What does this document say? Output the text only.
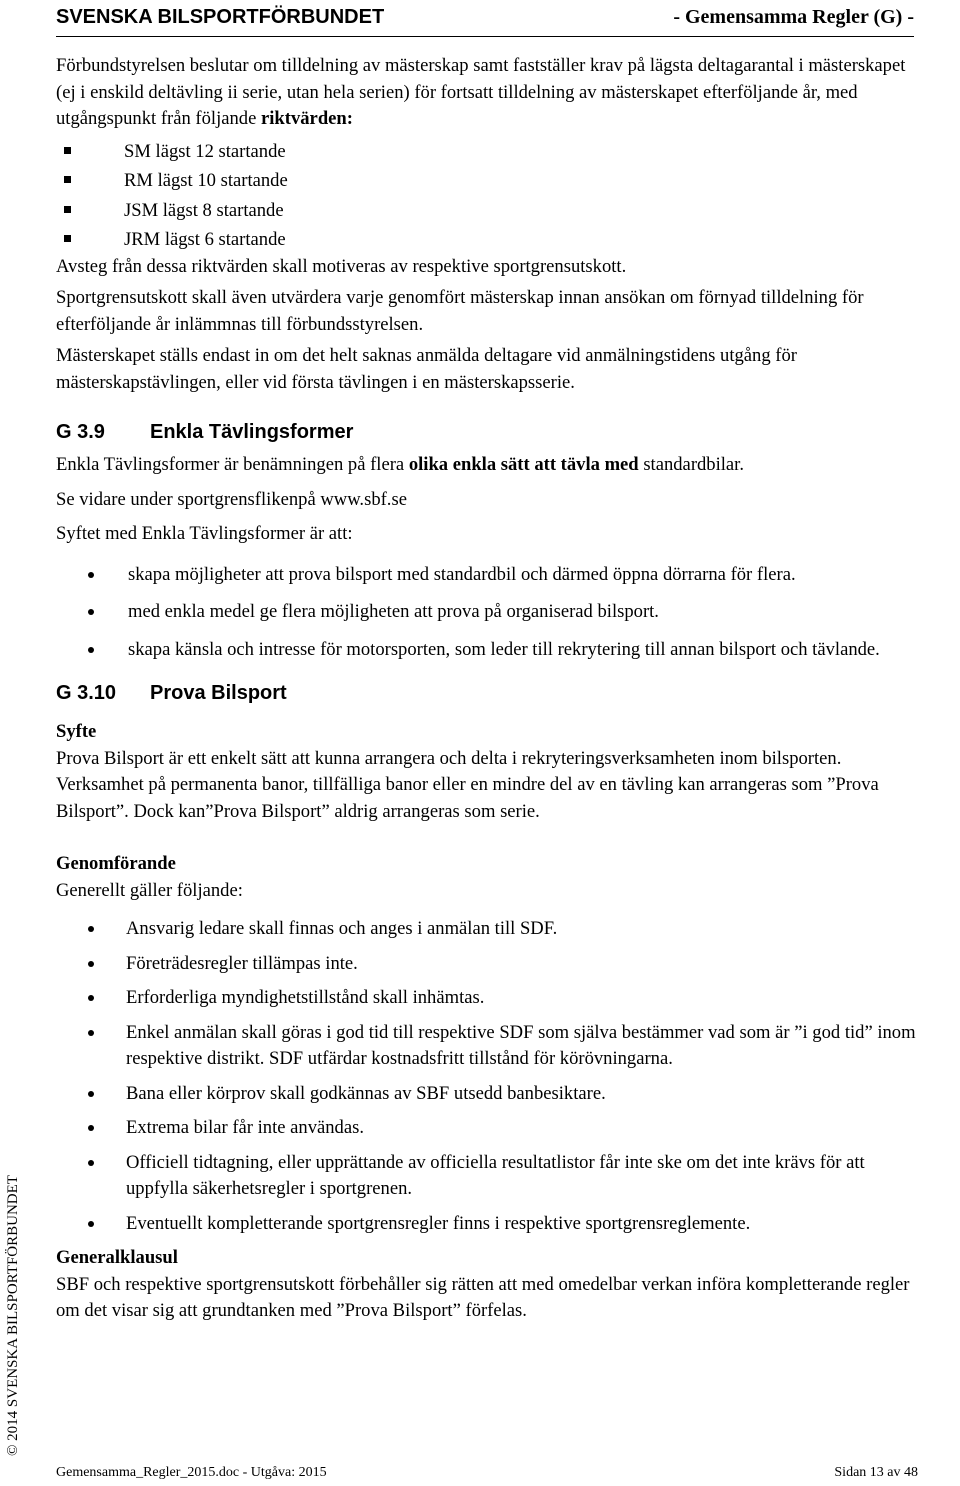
SVENSKA BILSPORTFÖRBUNDET	- Gemensamma Regler (G) -

Förbundstyrelsen beslutar om tilldelning av mästerskap samt fastställer krav på lägsta deltagarantal i mästerskapet (ej i enskild deltävling ii serie, utan hela serien) för fortsatt tilldelning av mästerskapet efterföljande år, med utgångspunkt från följande riktvärden:

SM lägst 12 startande
RM lägst 10 startande
JSM lägst 8 startande
JRM lägst 6 startande

Avsteg från dessa riktvärden skall motiveras av respektive sportgrensutskott.

Sportgrensutskott skall även utvärdera varje genomfört mästerskap innan ansökan om förnyad tilldelning för efterföljande år inlämmnas till förbundsstyrelsen.

Mästerskapet ställs endast in om det helt saknas anmälda deltagare vid anmälningstidens utgång för mästerskapstävlingen, eller vid första tävlingen i en mästerskapsserie.

G 3.9 Enkla Tävlingsformer

Enkla Tävlingsformer är benämningen på flera olika enkla sätt att tävla med standardbilar.

Se vidare under sportgrensflikenpå www.sbf.se

Syftet med Enkla Tävlingsformer är att:

skapa möjligheter att prova bilsport med standardbil och därmed öppna dörrarna för flera.
med enkla medel ge flera möjligheten att prova på organiserad bilsport.
skapa känsla och intresse för motorsporten, som leder till rekrytering till annan bilsport och tävlande.
G 3.10 Prova Bilsport

Syfte

Prova Bilsport är ett enkelt sätt att kunna arrangera och delta i rekryteringsverksamheten inom bilsporten. Verksamhet på permanenta banor, tillfälliga banor eller en mindre del av en tävling kan arrangeras som ”Prova Bilsport”. Dock kan”Prova Bilsport” aldrig arrangeras som serie.

Genomförande

Generellt gäller följande:

Ansvarig ledare skall finnas och anges i anmälan till SDF.
Företrädesregler tillämpas inte.
Erforderliga myndighetstillstånd skall inhämtas.
Enkel anmälan skall göras i god tid till respektive SDF som själva bestämmer vad som är ”i god tid” inom respektive distrikt. SDF utfärdar kostnadsfritt tillstånd för körövningarna.
Bana eller körprov skall godkännas av SBF utsedd banbesiktare.
Extrema bilar får inte användas.
Officiell tidtagning, eller upprättande av officiella resultatlistor får inte ske om det inte krävs för att uppfylla säkerhetsregler i sportgrenen.
Eventuellt kompletterande sportgrensregler finns i respektive sportgrensreglemente.

Generalklausul

SBF och respektive sportgrensutskott förbehåller sig rätten att med omedelbar verkan införa kompletterande regler om det visar sig att grundtanken med ”Prova Bilsport” förfelas.

© 2014 SVENSKA BILSPORTFÖRBUNDET
Gemensamma_Regler_2015.doc - Utgåva: 2015	Sidan 13 av 48
